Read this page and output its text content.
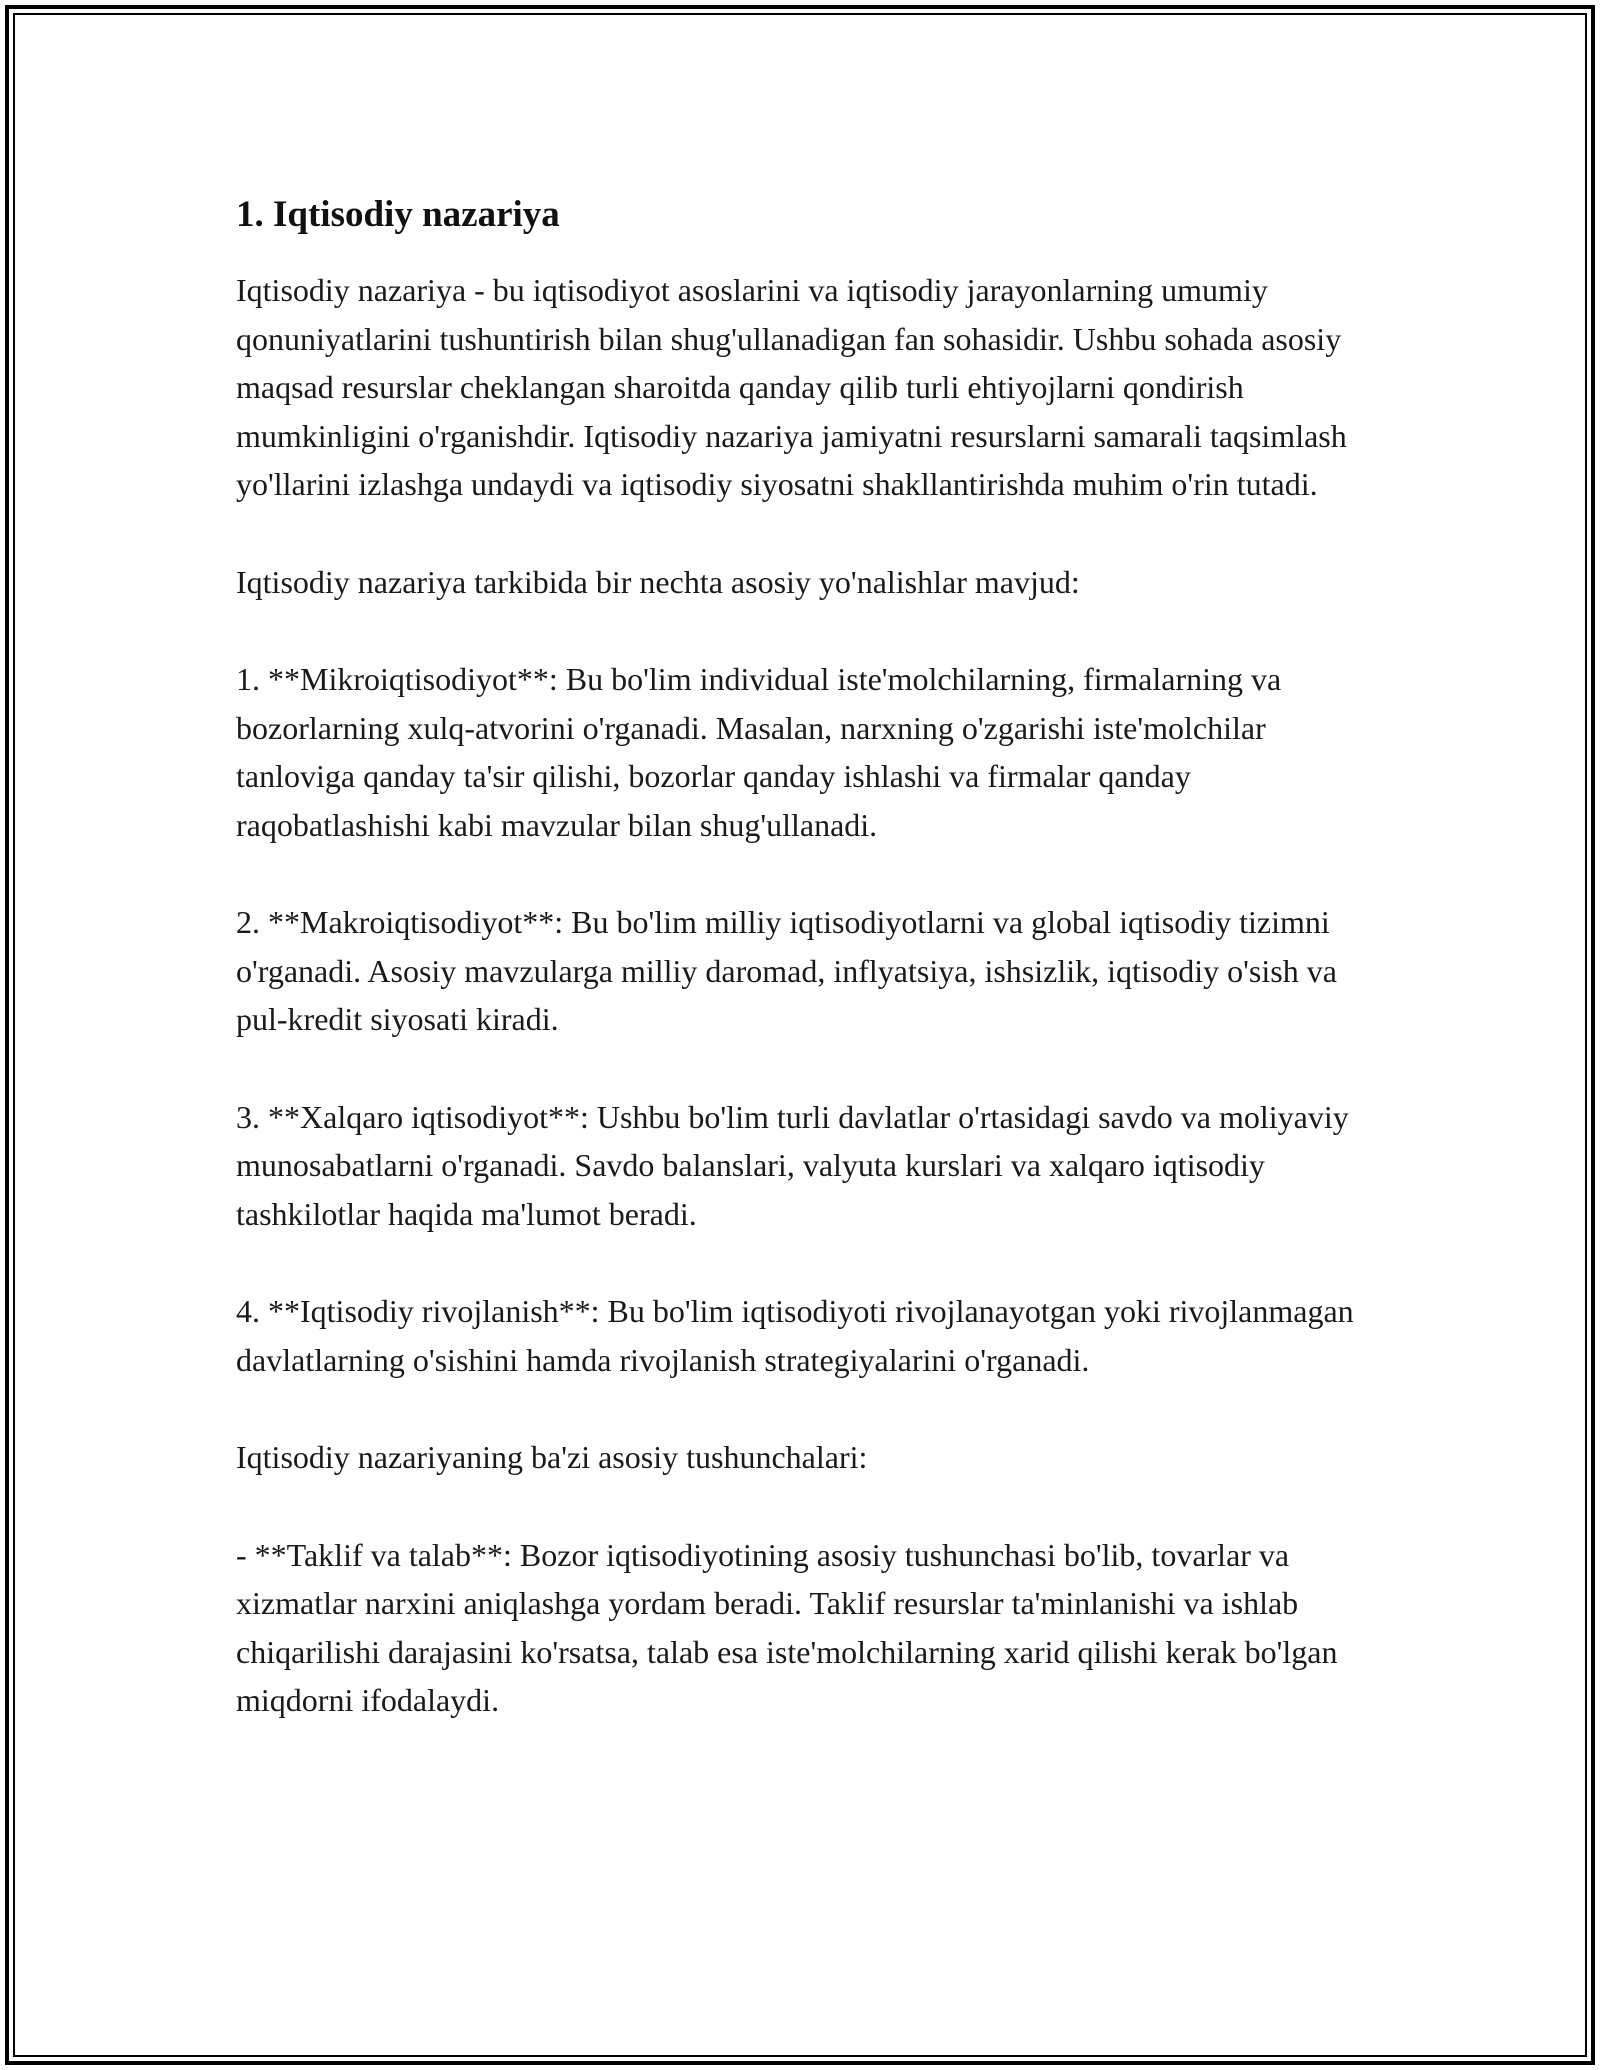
1. Iqtisodiy nazariya

Iqtisodiy nazariya - bu iqtisodiyot asoslarini va iqtisodiy jarayonlarning umumiy qonuniyatlarini tushuntirish bilan shug'ullanadigan fan sohasidir. Ushbu sohada asosiy maqsad resurslar cheklangan sharoitda qanday qilib turli ehtiyojlarni qondirish mumkinligini o'rganishdir. Iqtisodiy nazariya jamiyatni resurslarni samarali taqsimlash yo'llarini izlashga undaydi va iqtisodiy siyosatni shakllantirishda muhim o'rin tutadi.

Iqtisodiy nazariya tarkibida bir nechta asosiy yo'nalishlar mavjud:

1. **Mikroiqtisodiyot**: Bu bo'lim individual iste'molchilarning, firmalarning va bozorlarning xulq-atvorini o'rganadi. Masalan, narxning o'zgarishi iste'molchilar tanloviga qanday ta'sir qilishi, bozorlar qanday ishlashi va firmalar qanday raqobatlashishi kabi mavzular bilan shug'ullanadi.

2. **Makroiqtisodiyot**: Bu bo'lim milliy iqtisodiyotlarni va global iqtisodiy tizimni o'rganadi. Asosiy mavzularga milliy daromad, inflyatsiya, ishsizlik, iqtisodiy o'sish va pul-kredit siyosati kiradi.

3. **Xalqaro iqtisodiyot**: Ushbu bo'lim turli davlatlar o'rtasidagi savdo va moliyaviy munosabatlarni o'rganadi. Savdo balanslari, valyuta kurslari va xalqaro iqtisodiy tashkilotlar haqida ma'lumot beradi.

4. **Iqtisodiy rivojlanish**: Bu bo'lim iqtisodiyoti rivojlanayotgan yoki rivojlanmagan davlatlarning o'sishini hamda rivojlanish strategiyalarini o'rganadi.

Iqtisodiy nazariyaning ba'zi asosiy tushunchalari:

- **Taklif va talab**: Bozor iqtisodiyotining asosiy tushunchasi bo'lib, tovarlar va xizmatlar narxini aniqlashga yordam beradi. Taklif resurslar ta'minlanishi va ishlab chiqarilishi darajasini ko'rsatsa, talab esa iste'molchilarning xarid qilishi kerak bo'lgan miqdorni ifodalaydi.
